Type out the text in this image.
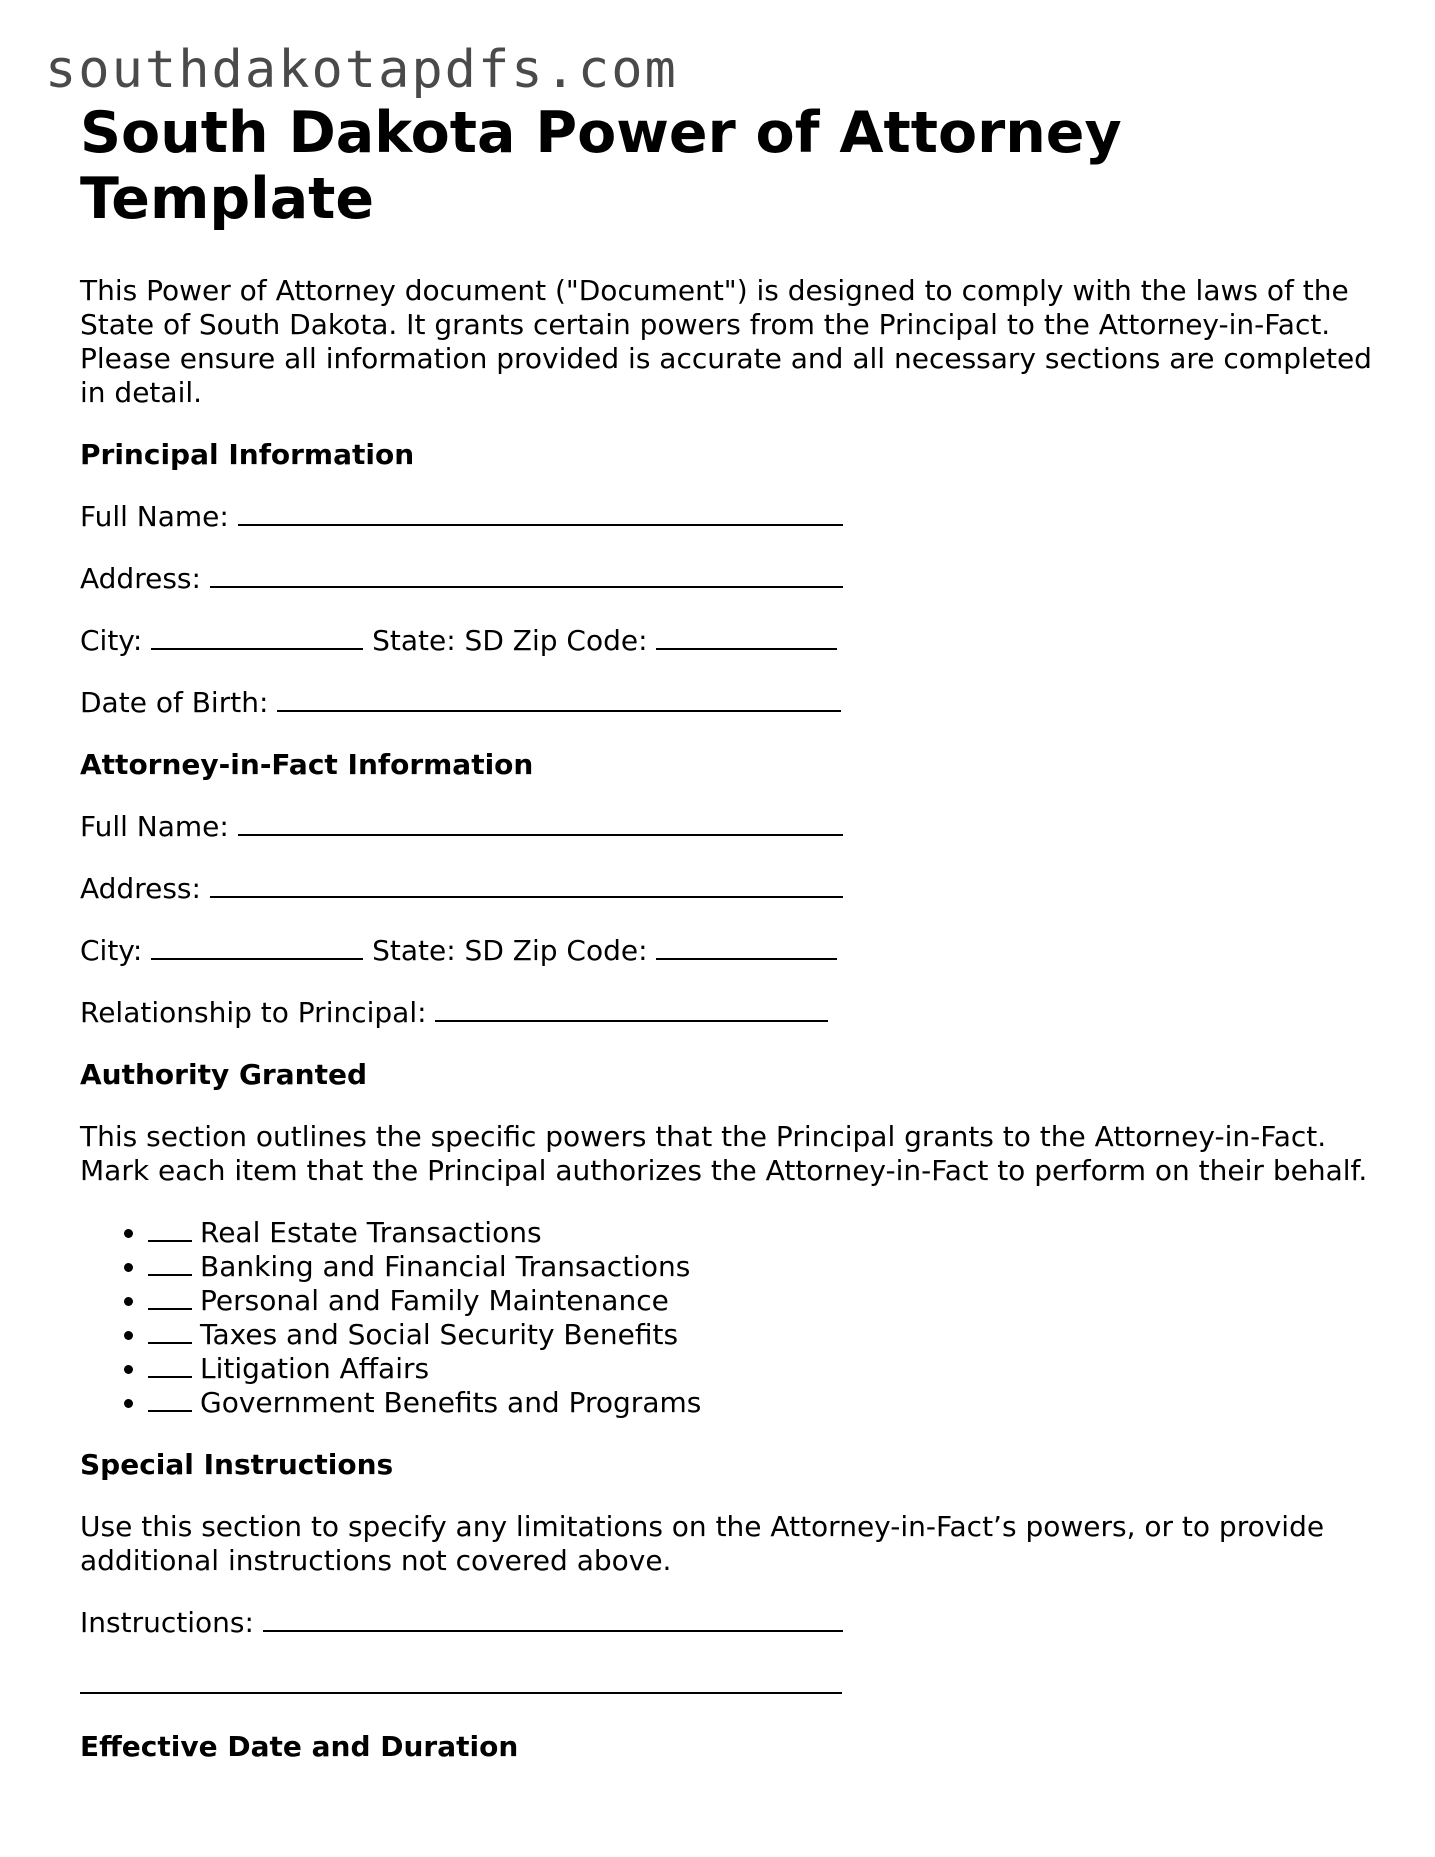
southdakotapdfs.com
South Dakota Power of Attorney Template

This Power of Attorney document ("Document") is designed to comply with the laws of the State of South Dakota. It grants certain powers from the Principal to the Attorney-in-Fact. Please ensure all information provided is accurate and all necessary sections are completed in detail.

Principal Information
Full Name:
Address:
City:	State: SD Zip Code:
Date of Birth:
Attorney-in-Fact Information
Full Name:
Address:
City:	State: SD Zip Code:
Relationship to Principal:
Authority Granted

This section outlines the specific powers that the Principal grants to the Attorney-in-Fact. Mark each item that the Principal authorizes the Attorney-in-Fact to perform on their behalf.

• Real Estate Transactions
• Banking and Financial Transactions
• Personal and Family Maintenance
• Taxes and Social Security Benefits
• Litigation Affairs
• Government Benefits and Programs
Special Instructions

Use this section to specify any limitations on the Attorney-in-Fact’s powers, or to provide additional instructions not covered above.

Instructions:
Effective Date and Duration
